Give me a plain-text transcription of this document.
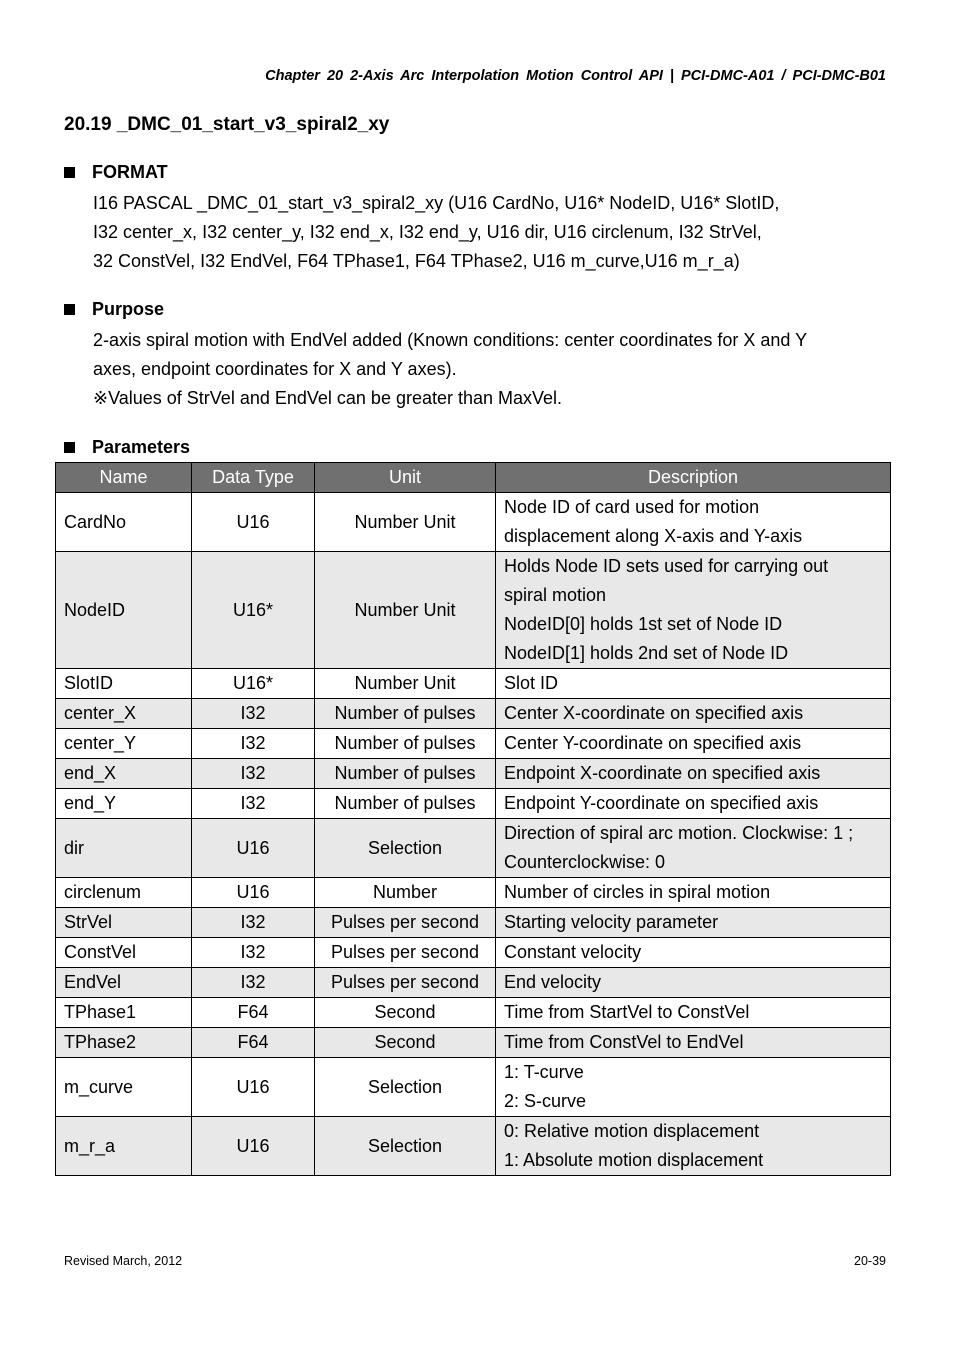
Chapter 20 2-Axis Arc Interpolation Motion Control API | PCI-DMC-A01 / PCI-DMC-B01
20.19 _DMC_01_start_v3_spiral2_xy
FORMAT
I16 PASCAL _DMC_01_start_v3_spiral2_xy (U16 CardNo, U16* NodeID, U16* SlotID,
I32 center_x, I32 center_y, I32 end_x, I32 end_y, U16 dir, U16 circlenum, I32 StrVel,
32 ConstVel, I32 EndVel, F64 TPhase1, F64 TPhase2, U16 m_curve,U16 m_r_a)
Purpose
2-axis spiral motion with EndVel added (Known conditions: center coordinates for X and Y
axes, endpoint coordinates for X and Y axes).
※Values of StrVel and EndVel can be greater than MaxVel.
Parameters
Name	Data Type	Unit	Description
CardNo	U16	Number Unit	Node ID of card used for motion
displacement along X-axis and Y-axis

NodeID	U16*	Number Unit	Holds Node ID sets used for carrying out
spiral motion
NodeID[0] holds 1st set of Node ID
NodeID[1] holds 2nd set of Node ID

SlotID	U16*	Number Unit	Slot ID

center_X	I32	Number of pulses	Center X-coordinate on specified axis

center_Y	I32	Number of pulses	Center Y-coordinate on specified axis

end_X	I32	Number of pulses	Endpoint X-coordinate on specified axis

end_Y	I32	Number of pulses	Endpoint Y-coordinate on specified axis

dir	U16	Selection	Direction of spiral arc motion. Clockwise: 1 ;
Counterclockwise: 0

circlenum	U16	Number	Number of circles in spiral motion

StrVel	I32	Pulses per second	Starting velocity parameter

ConstVel	I32	Pulses per second	Constant velocity

EndVel	I32	Pulses per second	End velocity

TPhase1	F64	Second	Time from StartVel to ConstVel

TPhase2	F64	Second	Time from ConstVel to EndVel

m_curve	U16	Selection	1: T-curve
2: S-curve

m_r_a	U16	Selection	0: Relative motion displacement
1: Absolute motion displacement
Revised March, 2012	20-39
